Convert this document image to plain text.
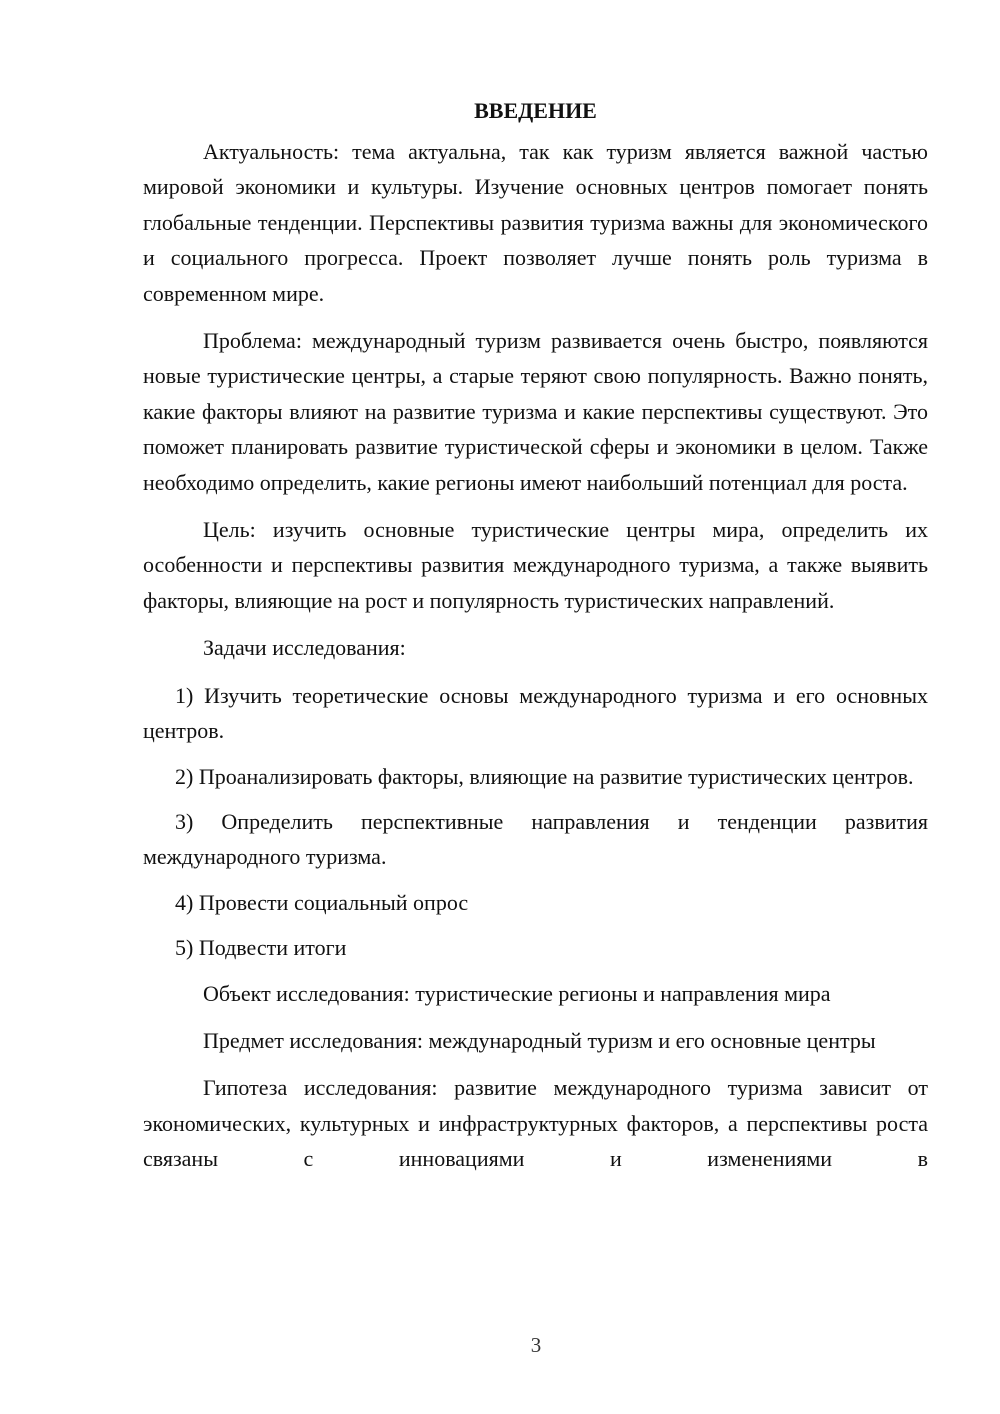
ВВЕДЕНИЕ

Актуальность: тема актуальна, так как туризм является важной частью мировой экономики и культуры. Изучение основных центров помогает понять глобальные тенденции. Перспективы развития туризма важны для экономического и социального прогресса. Проект позволяет лучше понять роль туризма в современном мире.

Проблема: международный туризм развивается очень быстро, появляются новые туристические центры, а старые теряют свою популярность. Важно понять, какие факторы влияют на развитие туризма и какие перспективы существуют. Это поможет планировать развитие туристической сферы и экономики в целом. Также необходимо определить, какие регионы имеют наибольший потенциал для роста.

Цель: изучить основные туристические центры мира, определить их особенности и перспективы развития международного туризма, а также выявить факторы, влияющие на рост и популярность туристических направлений.

Задачи исследования:

1) Изучить теоретические основы международного туризма и его основных центров.

2) Проанализировать факторы, влияющие на развитие туристических центров.

3) Определить перспективные направления и тенденции развития международного туризма.

4) Провести социальный опрос

5) Подвести итоги

Объект исследования: туристические регионы и направления мира

Предмет исследования: международный туризм и его основные центры

Гипотеза исследования: развитие международного туризма зависит от экономических, культурных и инфраструктурных факторов, а перспективы роста связаны с инновациями и изменениями в

3
